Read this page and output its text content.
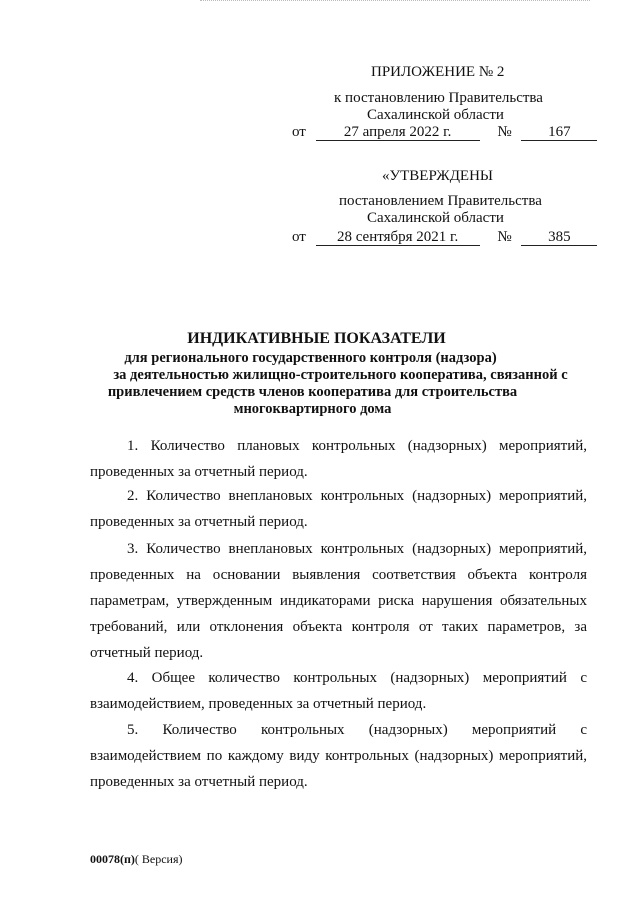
ПРИЛОЖЕНИЕ № 2
к постановлению Правительства
Сахалинской области
от	27 апреля 2022 г.	№ 167
«УТВЕРЖДЕНЫ
постановлением Правительства
Сахалинской области
от 28 сентября 2021 г.	№ 385
ИНДИКАТИВНЫЕ ПОКАЗАТЕЛИ
для регионального государственного контроля (надзора)
за деятельностью жилищно-строительного кооператива, связанной с
привлечением средств членов кооператива для строительства
многоквартирного дома
1. Количество плановых контрольных (надзорных) мероприятий,
проведенных за отчетный период.
2. Количество внеплановых контрольных (надзорных) мероприятий,
проведенных за отчетный период.
3. Количество внеплановых контрольных (надзорных) мероприятий,
проведенных на основании выявления соответствия объекта контроля
параметрам, утвержденным индикаторами риска нарушения обязательных
требований, или отклонения объекта контроля от таких параметров, за
отчетный период.
4. Общее количество контрольных (надзорных) мероприятий с
взаимодействием, проведенных за отчетный период.
5. Количество контрольных (надзорных) мероприятий с
взаимодействием по каждому виду контрольных (надзорных) мероприятий,
проведенных за отчетный период.
00078(п)( Версия)
